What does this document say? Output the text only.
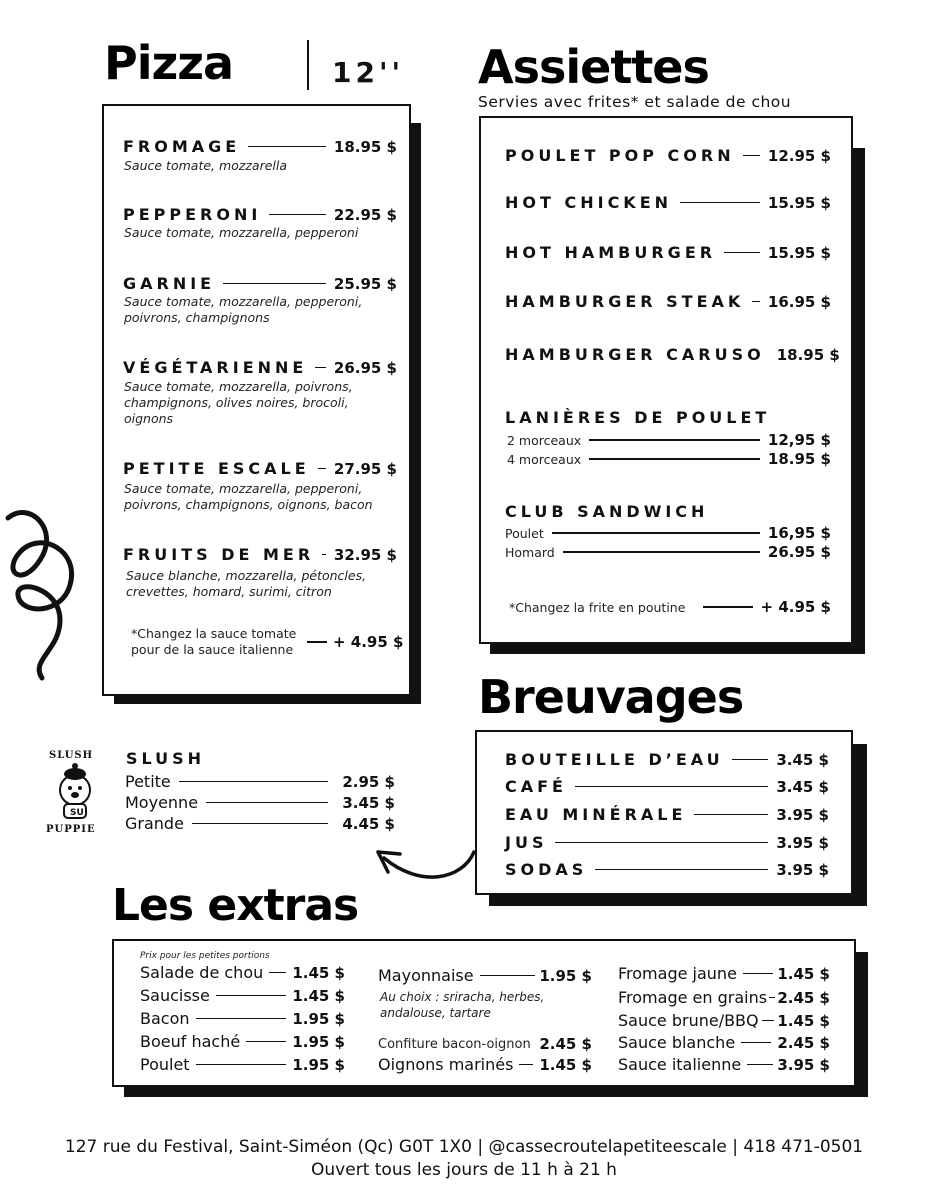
Pizza	12''
FROMAGE	18.95 $
Sauce tomate, mozzarella
PEPPERONI	22.95 $
Sauce tomate, mozzarella, pepperoni
GARNIE	25.95 $
Sauce tomate, mozzarella, pepperoni, poivrons, champignons
VÉGÉTARIENNE 26.95 $
Sauce tomate, mozzarella, poivrons, champignons, olives noires, brocoli, oignons
PETITE ESCALE 27.95 $
Sauce tomate, mozzarella, pepperoni, poivrons, champignons, oignons, bacon
FRUITS DE MER 32.95 $
Sauce blanche, mozzarella, pétoncles, crevettes, homard, surimi, citron
*Changez la sauce tomate
pour de la sauce italienne	+ 4.95 $
Assiettes
Servies avec frites* et salade de chou
POULET POP CORN 12.95 $
HOT CHICKEN	15.95 $
HOT HAMBURGER	15.95 $
HAMBURGER STEAK 16.95 $
HAMBURGER CARUSO 18.95 $
LANIÈRES DE POULET
2 morceaux	12,95 $
4 morceaux	18.95 $
CLUB SANDWICH
Poulet	16,95 $
Homard	26.95 $
*Changez la frite en poutine	+ 4.95 $
Breuvages
BOUTEILLE D’EAU	3.45 $
CAFÉ	3.45 $
EAU MINÉRALE	3.95 $
JUS	3.95 $
SODAS	3.95 $
SU
SLUSH
PUPPIE
SLUSH
Petite	2.95 $
Moyenne	3.45 $
Grande	4.45 $
Les extras
Prix pour les petites portions
Salade de chou 1.45 $
Saucisse	1.45 $
Bacon	1.95 $
Boeuf haché	1.95 $
Poulet	1.95 $
Mayonnaise	1.95 $
Au choix : sriracha, herbes, andalouse, tartare
Confiture bacon-oignon 2.45 $
Oignons marinés 1.45 $
Fromage jaune	1.45 $
Fromage en grains 2.45 $
Sauce brune/BBQ 1.45 $
Sauce blanche	2.45 $
Sauce italienne 3.95 $
127 rue du Festival, Saint-Siméon (Qc) G0T 1X0 | @cassecroutelapetiteescale | 418 471-0501
Ouvert tous les jours de 11 h à 21 h
